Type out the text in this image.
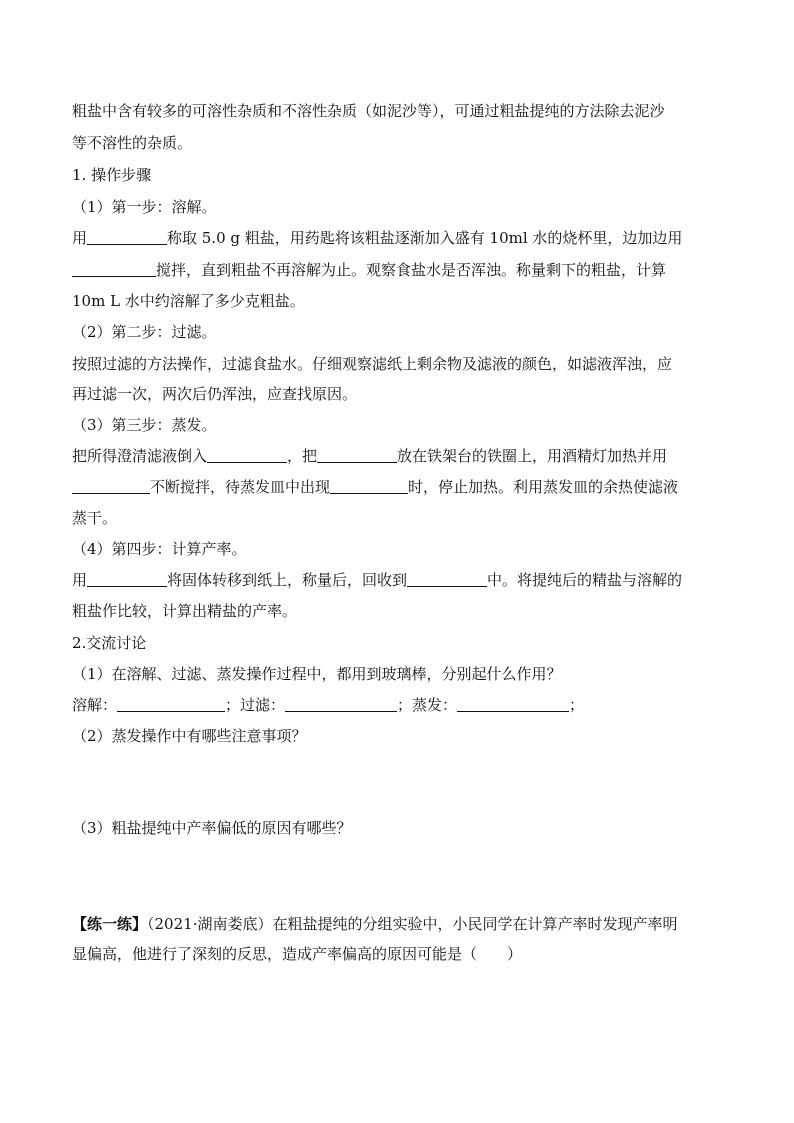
粗盐中含有较多的可溶性杂质和不溶性杂质（如泥沙等），可通过粗盐提纯的方法除去泥沙
等不溶性的杂质。
1. 操作步骤
（1）第一步：溶解。
用	称取 5.0 g 粗盐，用药匙将该粗盐逐渐加入盛有 10ml 水的烧杯里，边加边用
搅拌，直到粗盐不再溶解为止。观察食盐水是否浑浊。称量剩下的粗盐，计算
10m L 水中约溶解了多少克粗盐。
（2）第二步：过滤。
按照过滤的方法操作，过滤食盐水。仔细观察滤纸上剩余物及滤液的颜色，如滤液浑浊，应
再过滤一次，两次后仍浑浊，应查找原因。
（3）第三步：蒸发。
把所得澄清滤液倒入	，把	放在铁架台的铁圈上，用酒精灯加热并用
不断搅拌，待蒸发皿中出现	时，停止加热。利用蒸发皿的余热使滤液
蒸干。
（4）第四步：计算产率。
用	将固体转移到纸上，称量后，回收到	中。将提纯后的精盐与溶解的
粗盐作比较，计算出精盐的产率。
2.交流讨论
（1）在溶解、过滤、蒸发操作过程中，都用到玻璃棒，分别起什么作用？
溶解：	；过滤：	；蒸发：	；
（2）蒸发操作中有哪些注意事项？
（3）粗盐提纯中产率偏低的原因有哪些？
【练一练】（2021·湖南娄底）在粗盐提纯的分组实验中，小民同学在计算产率时发现产率明
显偏高，他进行了深刻的反思，造成产率偏高的原因可能是（　　）
